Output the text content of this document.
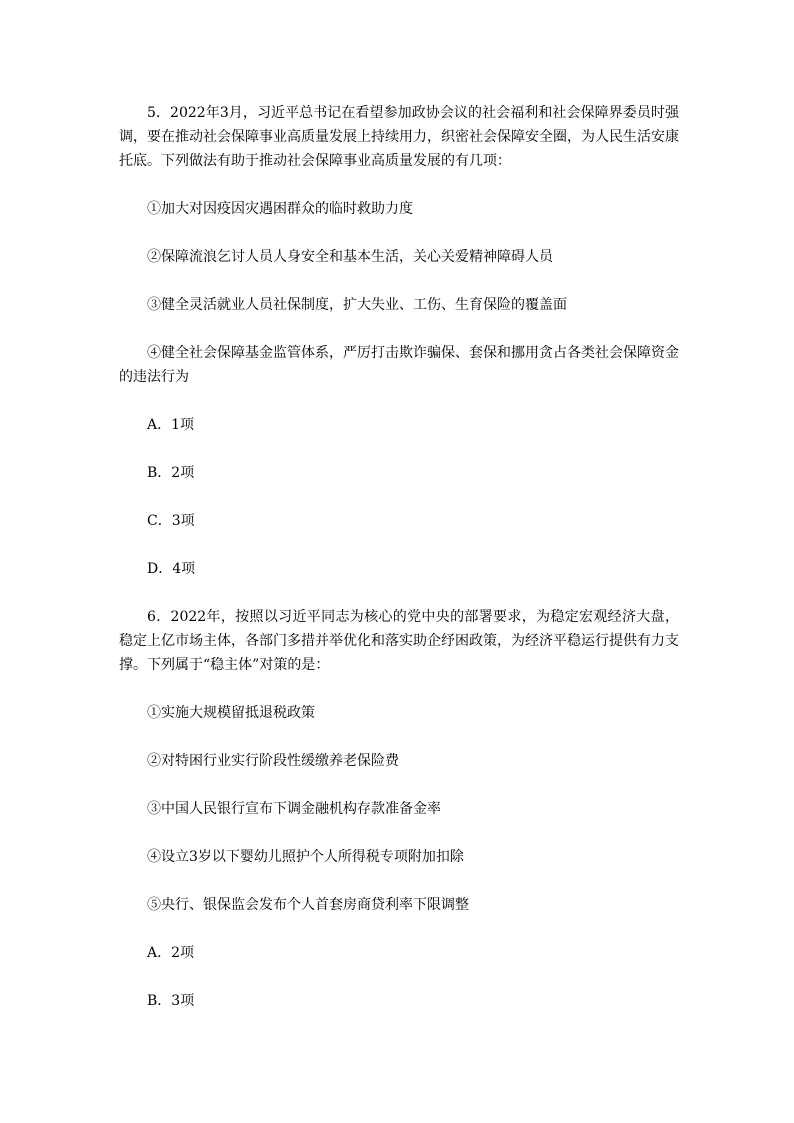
5．2022年3月，习近平总书记在看望参加政协会议的社会福利和社会保障界委员时强调，要在推动社会保障事业高质量发展上持续用力，织密社会保障安全圈，为人民生活安康托底。下列做法有助于推动社会保障事业高质量发展的有几项：

①加大对因疫因灾遇困群众的临时救助力度

②保障流浪乞讨人员人身安全和基本生活，关心关爱精神障碍人员

③健全灵活就业人员社保制度，扩大失业、工伤、生育保险的覆盖面

④健全社会保障基金监管体系，严厉打击欺诈骗保、套保和挪用贪占各类社会保障资金的违法行为

A．1项

B．2项

C．3项

D．4项

6．2022年，按照以习近平同志为核心的党中央的部署要求，为稳定宏观经济大盘，稳定上亿市场主体，各部门多措并举优化和落实助企纾困政策，为经济平稳运行提供有力支撑。下列属于“稳主体”对策的是：

①实施大规模留抵退税政策

②对特困行业实行阶段性缓缴养老保险费

③中国人民银行宣布下调金融机构存款准备金率

④设立3岁以下婴幼儿照护个人所得税专项附加扣除

⑤央行、银保监会发布个人首套房商贷利率下限调整

A．2项

B．3项
